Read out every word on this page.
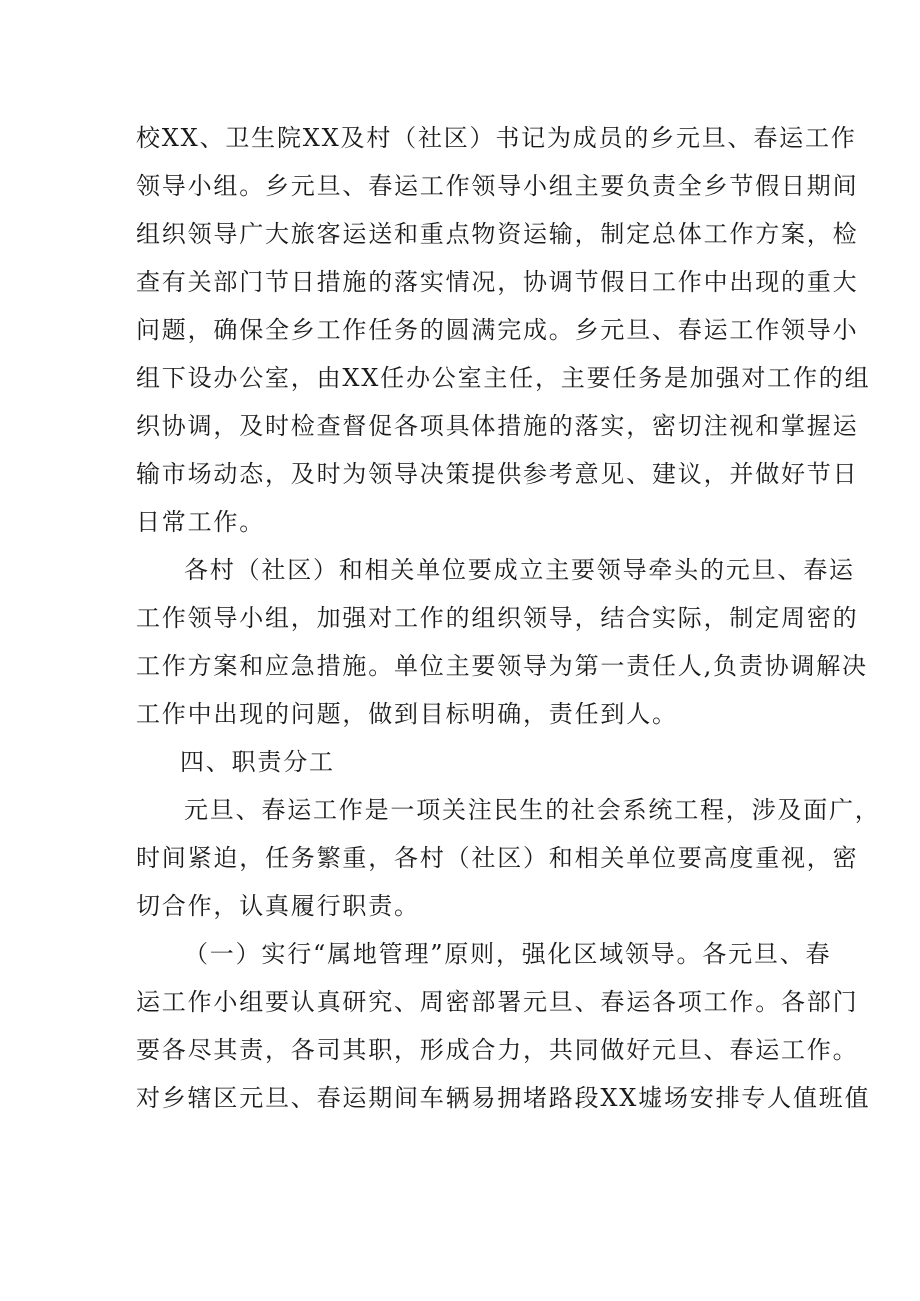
校XX、卫生院XX及村（社区）书记为成员的乡元旦、春运工作
领导小组。乡元旦、春运工作领导小组主要负责全乡节假日期间
组织领导广大旅客运送和重点物资运输，制定总体工作方案，检
查有关部门节日措施的落实情况，协调节假日工作中出现的重大
问题，确保全乡工作任务的圆满完成。乡元旦、春运工作领导小
组下设办公室，由XX任办公室主任，主要任务是加强对工作的组
织协调，及时检查督促各项具体措施的落实，密切注视和掌握运
输市场动态，及时为领导决策提供参考意见、建议，并做好节日
日常工作。
各村（社区）和相关单位要成立主要领导牵头的元旦、春运
工作领导小组，加强对工作的组织领导，结合实际，制定周密的
工作方案和应急措施。单位主要领导为第一责任人,负责协调解决
工作中出现的问题，做到目标明确，责任到人。
四、职责分工
元旦、春运工作是一项关注民生的社会系统工程，涉及面广，
时间紧迫，任务繁重，各村（社区）和相关单位要高度重视，密
切合作，认真履行职责。
（一）实行“属地管理”原则，强化区域领导。各元旦、春
运工作小组要认真研究、周密部署元旦、春运各项工作。各部门
要各尽其责，各司其职，形成合力，共同做好元旦、春运工作。
对乡辖区元旦、春运期间车辆易拥堵路段XX墟场安排专人值班值
